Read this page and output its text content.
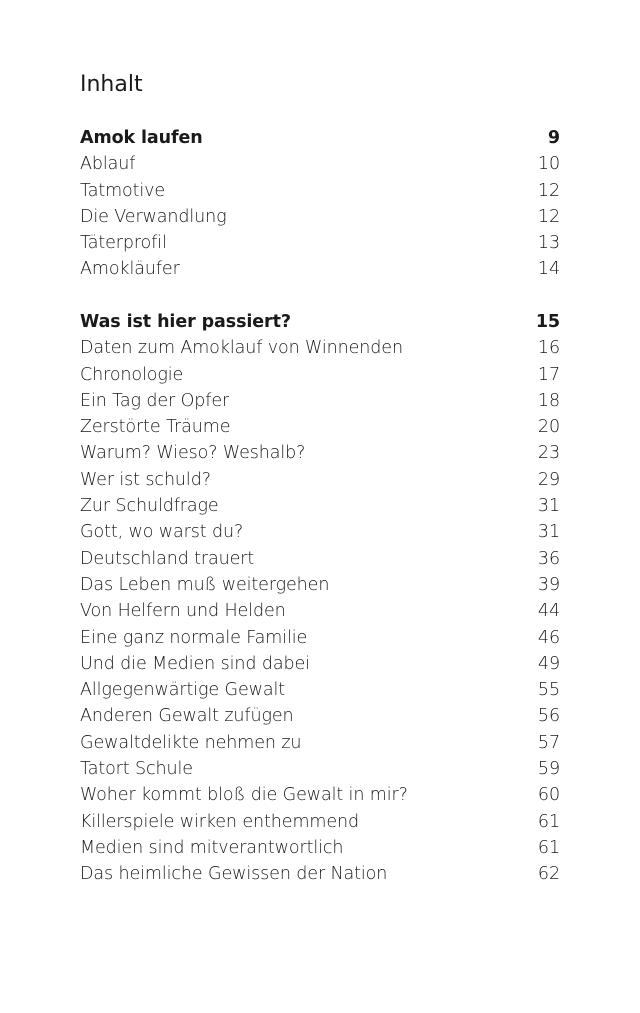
Inhalt
Amok laufen	9
Ablauf	10
Tatmotive	12
Die Verwandlung	12
Täterprofil	13
Amokläufer	14
Was ist hier passiert?	15
Daten zum Amoklauf von Winnenden	16
Chronologie	17
Ein Tag der Opfer	18
Zerstörte Träume	20
Warum? Wieso? Weshalb?	23
Wer ist schuld?	29
Zur Schuldfrage	31
Gott, wo warst du?	31
Deutschland trauert	36
Das Leben muß weitergehen	39
Von Helfern und Helden	44
Eine ganz normale Familie	46
Und die Medien sind dabei	49
Allgegenwärtige Gewalt	55
Anderen Gewalt zufügen	56
Gewaltdelikte nehmen zu	57
Tatort Schule	59
Woher kommt bloß die Gewalt in mir?	60
Killerspiele wirken enthemmend	61
Medien sind mitverantwortlich	61
Das heimliche Gewissen der Nation	62
